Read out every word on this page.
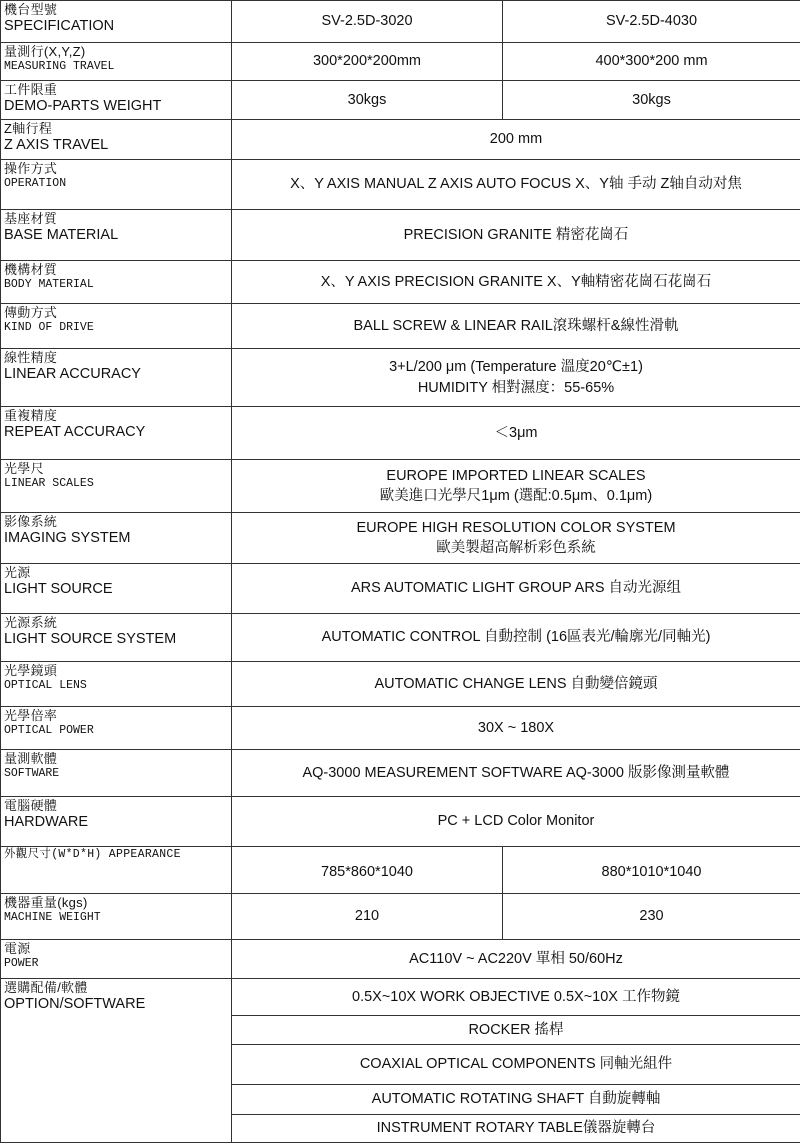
機台型號
SPECIFICATION	SV-2.5D-3020	SV-2.5D-4030

量測行(X,Y,Z)
MEASURING TRAVEL	300*200*200mm	400*300*200 mm

工件限重
DEMO-PARTS WEIGHT	30kgs	30kgs

Z軸行程
Z AXIS TRAVEL	200 mm	

操作方式
OPERATION	X、Y AXIS MANUAL Z AXIS AUTO FOCUS X、Y轴 手动 Z轴自动对焦	

基座材質
BASE MATERIAL	PRECISION GRANITE 精密花崗石	

機構材質
BODY MATERIAL	X、Y AXIS PRECISION GRANITE X、Y軸精密花崗石花崗石	

傳動方式
KIND OF DRIVE	BALL SCREW & LINEAR RAIL滾珠螺杆&線性滑軌	

線性精度
LINEAR ACCURACY	3+L/200 μm (Temperature 溫度20℃±1)
HUMIDITY 相對濕度：55-65%	

重複精度
REPEAT ACCURACY	＜3μm	

光學尺
LINEAR SCALES	EUROPE IMPORTED LINEAR SCALES
歐美進口光學尺1μm (選配:0.5μm、0.1μm)	

影像系統
IMAGING SYSTEM	EUROPE HIGH RESOLUTION COLOR SYSTEM
歐美製超高解析彩色系統	

光源
LIGHT SOURCE	ARS AUTOMATIC LIGHT GROUP ARS 自动光源组	

光源系統
LIGHT SOURCE SYSTEM	AUTOMATIC CONTROL 自動控制 (16區表光/輪廓光/同軸光)	

光學鏡頭
OPTICAL LENS	AUTOMATIC CHANGE LENS 自動變倍鏡頭	

光學倍率
OPTICAL POWER	30X ~ 180X	

量測軟體
SOFTWARE	AQ-3000 MEASUREMENT SOFTWARE AQ-3000 版影像測量軟體	

電腦硬體
HARDWARE	PC + LCD Color Monitor	

外觀尺寸(W*D*H) APPEARANCE	785*860*1040	880*1010*1040

機器重量(kgs)
MACHINE WEIGHT	210	230

電源
POWER	AC110V ~ AC220V 單相 50/60Hz	

選購配備/軟體
OPTION/SOFTWARE	0.5X~10X WORK OBJECTIVE 0.5X~10X 工作物鏡	
	ROCKER 搖桿	
	COAXIAL OPTICAL COMPONENTS 同軸光組件	
	AUTOMATIC ROTATING SHAFT 自動旋轉軸	
	INSTRUMENT ROTARY TABLE儀器旋轉台	
